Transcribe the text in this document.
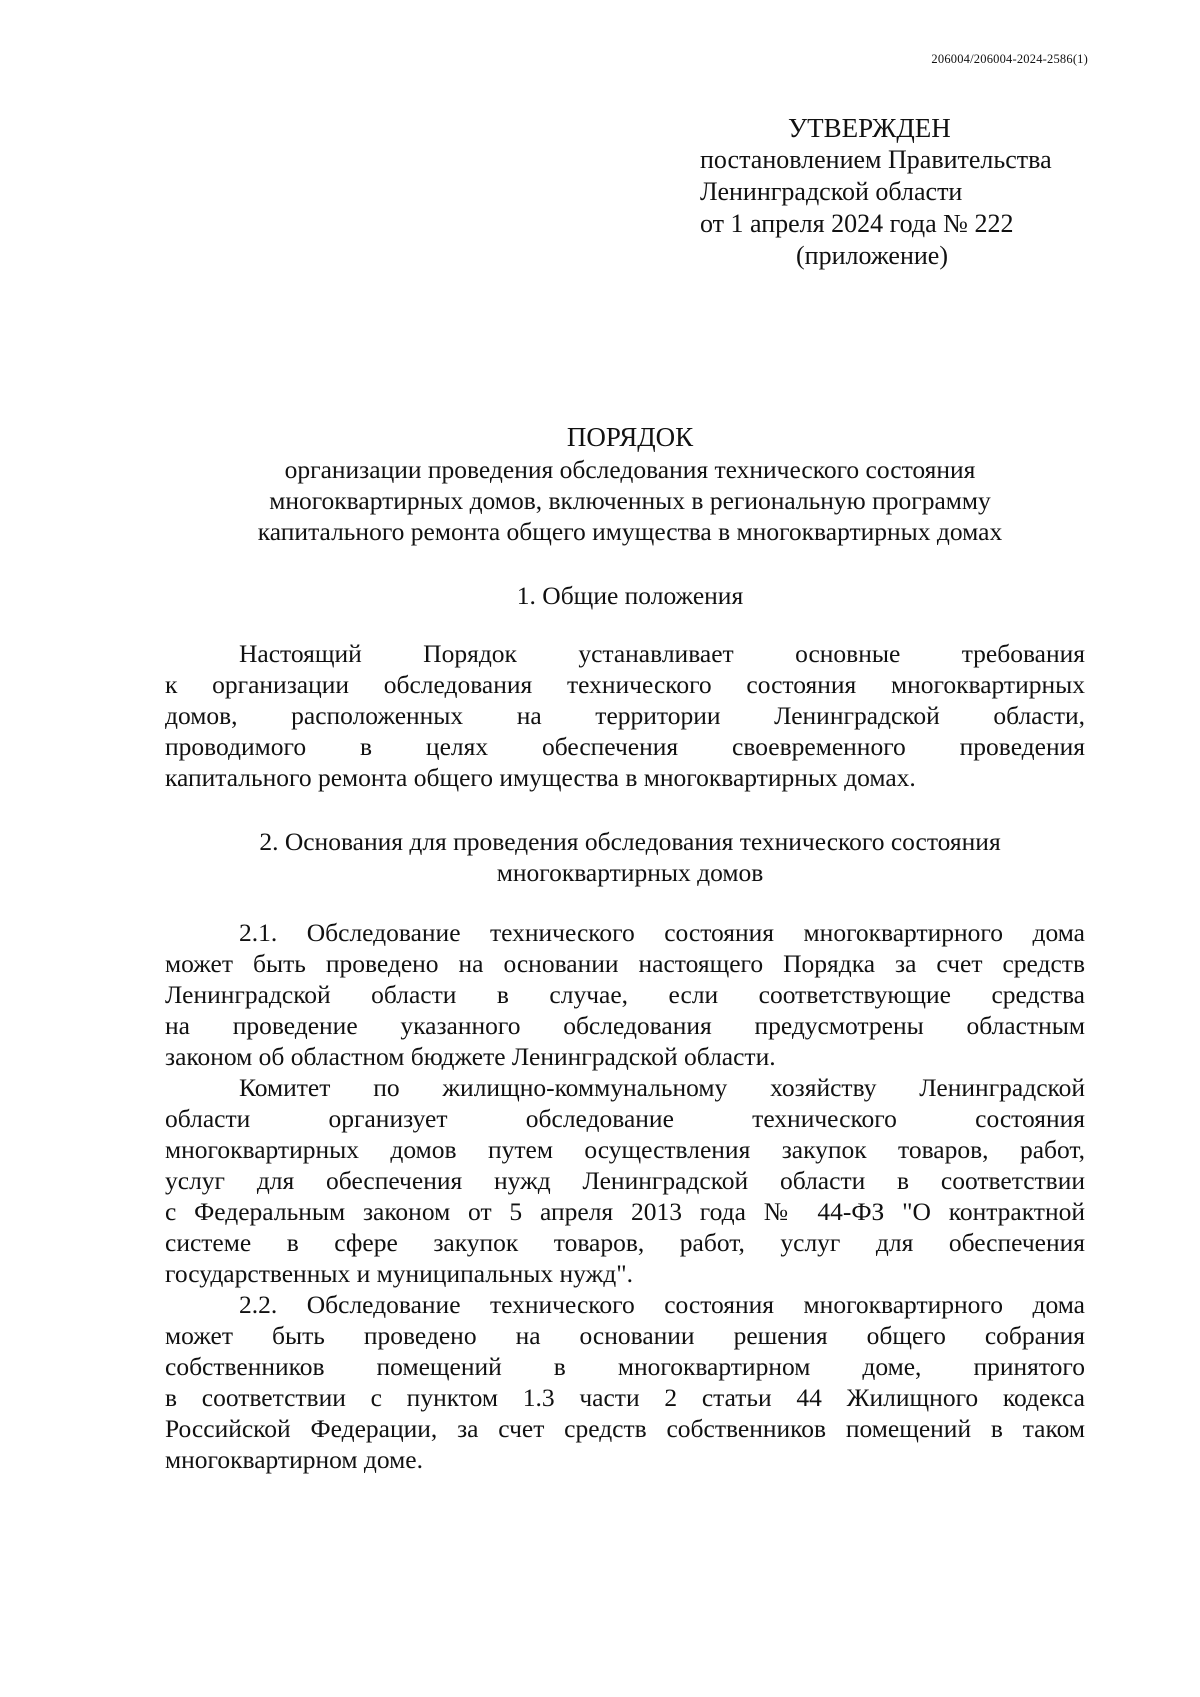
206004/206004-2024-2586(1)
УТВЕРЖДЕН
постановлением Правительства
Ленинградской области
от 1 апреля 2024 года № 222
(приложение)
ПОРЯДОК
организации проведения обследования технического состояния
многоквартирных домов, включенных в региональную программу
капитального ремонта общего имущества в многоквартирных домах
1. Общие положения
Настоящий Порядок устанавливает основные требования
к организации обследования технического состояния многоквартирных
домов, расположенных на территории Ленинградской области,
проводимого в целях обеспечения своевременного проведения
капитального ремонта общего имущества в многоквартирных домах.
2. Основания для проведения обследования технического состояния
многоквартирных домов
2.1. Обследование технического состояния многоквартирного дома
может быть проведено на основании настоящего Порядка за счет средств
Ленинградской области в случае, если соответствующие средства
на проведение указанного обследования предусмотрены областным
законом об областном бюджете Ленинградской области.
Комитет по жилищно-коммунальному хозяйству Ленинградской
области организует обследование технического состояния
многоквартирных домов путем осуществления закупок товаров, работ,
услуг для обеспечения нужд Ленинградской области в соответствии
с Федеральным законом от 5 апреля 2013 года № 44-ФЗ "О контрактной
системе в сфере закупок товаров, работ, услуг для обеспечения
государственных и муниципальных нужд".
2.2. Обследование технического состояния многоквартирного дома
может быть проведено на основании решения общего собрания
собственников помещений в многоквартирном доме, принятого
в соответствии с пунктом 1.3 части 2 статьи 44 Жилищного кодекса
Российской Федерации, за счет средств собственников помещений в таком
многоквартирном доме.
